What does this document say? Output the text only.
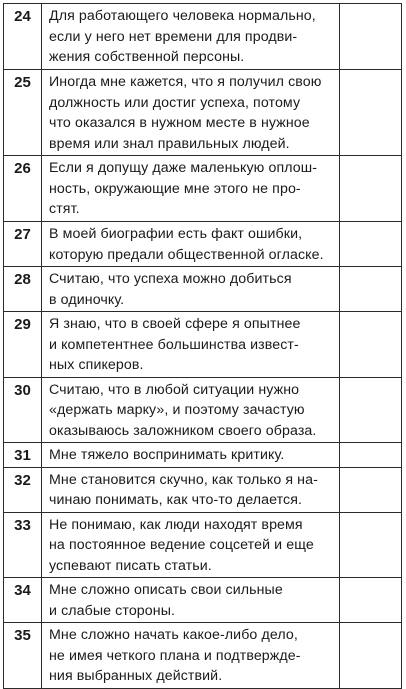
24	Для работающего человека нормально,
если у него нет времени для продви-
жения собственной персоны.	
25	Иногда мне кажется, что я получил свою
должность или достиг успеха, потому
что оказался в нужном месте в нужное
время или знал правильных людей.	
26	Если я допущу даже маленькую оплош-
ность, окружающие мне этого не про-
стят.	
27	В моей биографии есть факт ошибки,
которую предали общественной огласке.	
28	Считаю, что успеха можно добиться
в одиночку.	
29	Я знаю, что в своей сфере я опытнее
и компетентнее большинства извест-
ных спикеров.	
30	Считаю, что в любой ситуации нужно
«держать марку», и поэтому зачастую
оказываюсь заложником своего образа.	
31	Мне тяжело воспринимать критику.	
32	Мне становится скучно, как только я на-
чинаю понимать, как что-то делается.	
33	Не понимаю, как люди находят время
на постоянное ведение соцсетей и еще
успевают писать статьи.	
34	Мне сложно описать свои сильные
и слабые стороны.	
35	Мне сложно начать какое-либо дело,
не имея четкого плана и подтвержде-
ния выбранных действий.	
